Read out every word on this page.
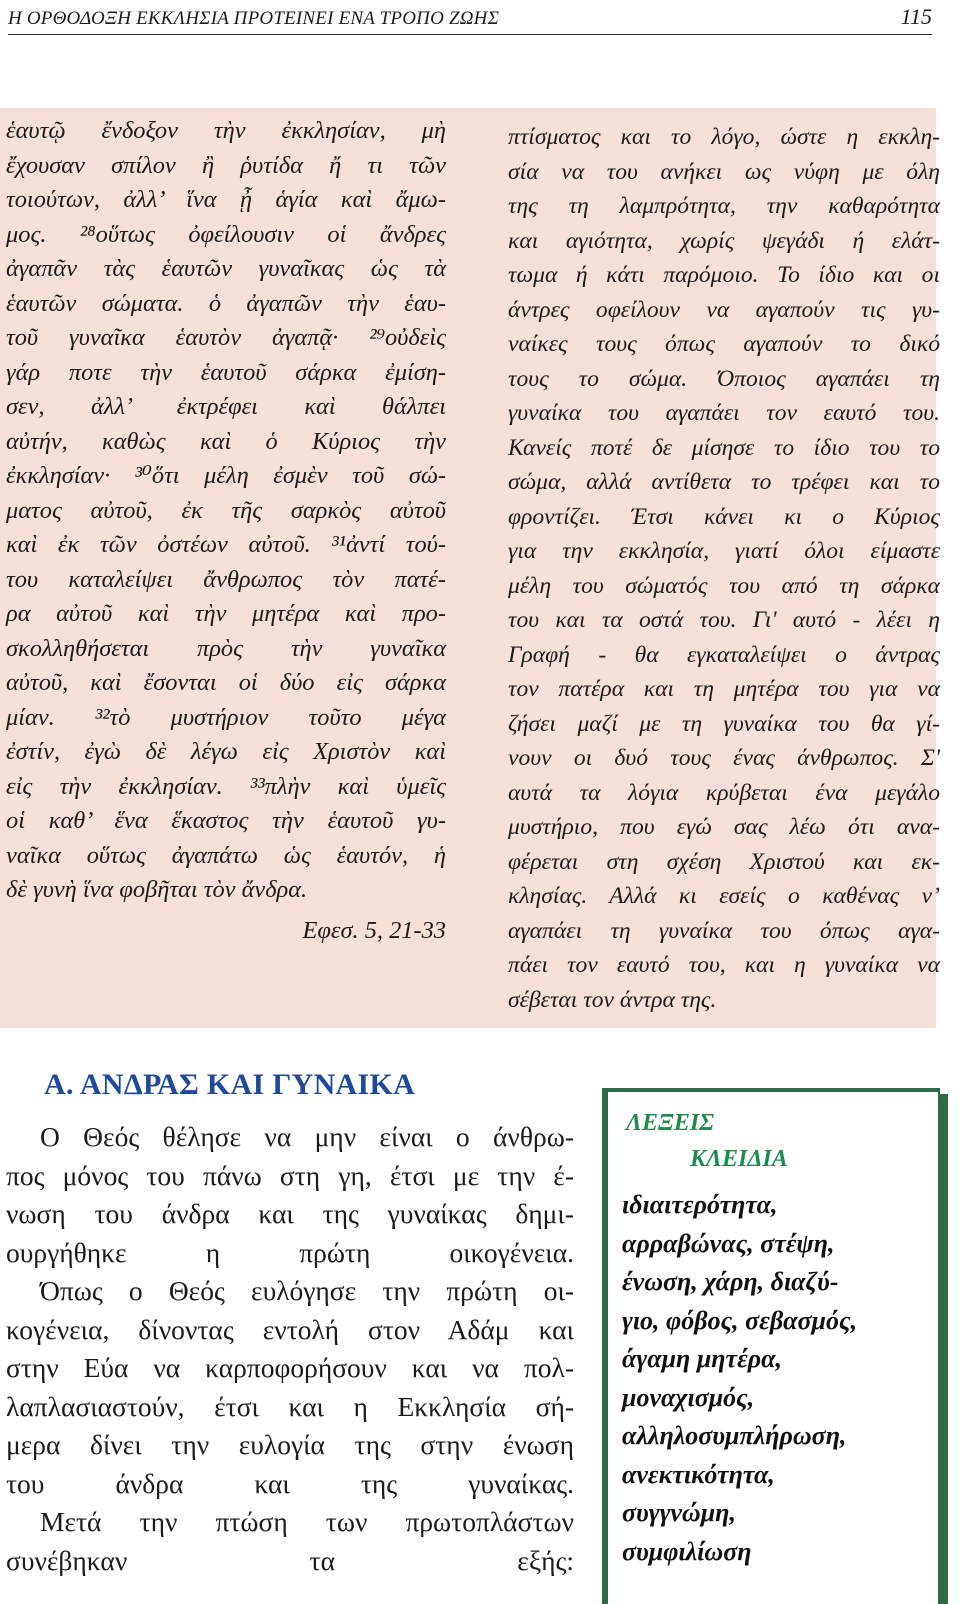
Η ΟΡΘΟΔΟΞΗ ΕΚΚΛΗΣΙΑ ΠΡΟΤΕΙΝΕΙ ΕΝΑ ΤΡΟΠΟ ΖΩΗΣ	115
ἑαυτῷ ἔνδοξον τὴν ἐκκλησίαν, μὴ
ἔχουσαν σπίλον ἢ ῥυτίδα ἤ τι τῶν
τοιούτων, ἀλλ’ ἵνα ᾖ ἁγία καὶ ἄμω-
μος. ²⁸οὕτως ὀφείλουσιν οἱ ἄνδρες
ἀγαπᾶν τὰς ἑαυτῶν γυναῖκας ὡς τὰ
ἑαυτῶν σώματα. ὁ ἀγαπῶν τὴν ἑαυ-
τοῦ γυναῖκα ἑαυτὸν ἀγαπᾷ· ²⁹οὐδεὶς
γάρ ποτε τὴν ἑαυτοῦ σάρκα ἐμίση-
σεν, ἀλλ’ ἐκτρέφει καὶ θάλπει
αὐτήν, καθὼς καὶ ὁ Κύριος τὴν
ἐκκλησίαν· ³⁰ὅτι μέλη ἐσμὲν τοῦ σώ-
ματος αὐτοῦ, ἐκ τῆς σαρκὸς αὐτοῦ
καὶ ἐκ τῶν ὀστέων αὐτοῦ. ³¹ἀντί τού-
του καταλείψει ἄνθρωπος τὸν πατέ-
ρα αὐτοῦ καὶ τὴν μητέρα καὶ προ-
σκολληθήσεται πρὸς τὴν γυναῖκα
αὐτοῦ, καὶ ἔσονται οἱ δύο εἰς σάρκα
μίαν. ³²τὸ μυστήριον τοῦτο μέγα
ἐστίν, ἐγὼ δὲ λέγω εἰς Χριστὸν καὶ
εἰς τὴν ἐκκλησίαν. ³³πλὴν καὶ ὑμεῖς
οἱ καθ’ ἕνα ἕκαστος τὴν ἑαυτοῦ γυ-
ναῖκα οὕτως ἀγαπάτω ὡς ἑαυτόν, ἡ
δὲ γυνὴ ἵνα φοβῆται τὸν ἄνδρα.
Εφεσ. 5, 21-33
πτίσματος και το λόγο, ώστε η εκκλη-
σία να του ανήκει ως νύφη με όλη
της τη λαμπρότητα, την καθαρότητα
και αγιότητα, χωρίς ψεγάδι ή ελάτ-
τωμα ή κάτι παρόμοιο. Το ίδιο και οι
άντρες οφείλουν να αγαπούν τις γυ-
ναίκες τους όπως αγαπούν το δικό
τους το σώμα. Όποιος αγαπάει τη
γυναίκα του αγαπάει τον εαυτό του.
Κανείς ποτέ δε μίσησε το ίδιο του το
σώμα, αλλά αντίθετα το τρέφει και το
φροντίζει. Έτσι κάνει κι ο Κύριος
για την εκκλησία, γιατί όλοι είμαστε
μέλη του σώματός του από τη σάρκα
του και τα οστά του. Γι' αυτό - λέει η
Γραφή - θα εγκαταλείψει ο άντρας
τον πατέρα και τη μητέρα του για να
ζήσει μαζί με τη γυναίκα του θα γί-
νουν οι δυό τους ένας άνθρωπος. Σ'
αυτά τα λόγια κρύβεται ένα μεγάλο
μυστήριο, που εγώ σας λέω ότι ανα-
φέρεται στη σχέση Χριστού και εκ-
κλησίας. Αλλά κι εσείς ο καθένας ν’
αγαπάει τη γυναίκα του όπως αγα-
πάει τον εαυτό του, και η γυναίκα να
σέβεται τον άντρα της.
Α. ΑΝΔΡΑΣ ΚΑΙ ΓΥΝΑΙΚΑ
Ο Θεός θέλησε να μην είναι ο άνθρω-
πος μόνος του πάνω στη γη, έτσι με την έ-
νωση του άνδρα και της γυναίκας δημι-
ουργήθηκε η πρώτη οικογένεια.
Όπως ο Θεός ευλόγησε την πρώτη οι-
κογένεια, δίνοντας εντολή στον Αδάμ και
στην Εύα να καρποφορήσουν και να πολ-
λαπλασιαστούν, έτσι και η Εκκλησία σή-
μερα δίνει την ευλογία της στην ένωση
του άνδρα και της γυναίκας.
Μετά την πτώση των πρωτοπλάστων
συνέβηκαν τα εξής:
ΛΕΞΕΙΣ
ΚΛΕΙΔΙΑ
ιδιαιτερότητα,
αρραβώνας, στέψη,
ένωση, χάρη, διαζύ-
γιο, φόβος, σεβασμός,
άγαμη μητέρα,
μοναχισμός,
αλληλοσυμπλήρωση,
ανεκτικότητα,
συγγνώμη,
συμφιλίωση
